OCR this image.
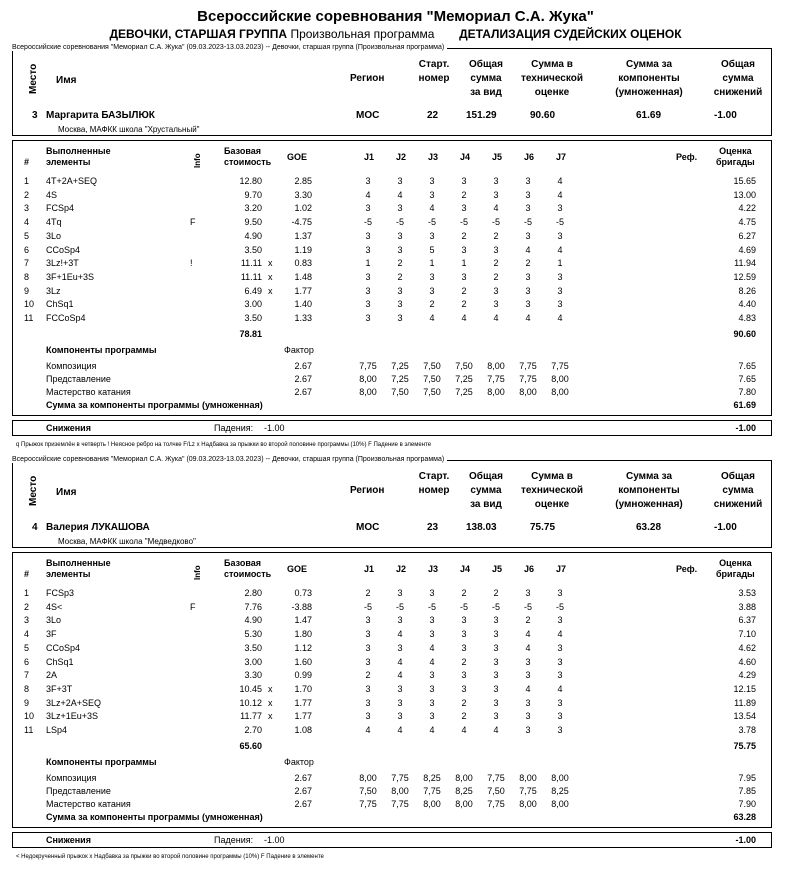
Всероссийские соревнования "Мемориал С.А. Жука"
ДЕВОЧКИ, СТАРШАЯ ГРУППА Произвольная программа ДЕТАЛИЗАЦИЯ СУДЕЙСКИХ ОЦЕНОК
Всероссийские соревнования "Мемориал С.А. Жука" (09.03.2023-13.03.2023) -- Девочки, старшая группа (Произвольная программа)
Место Имя	Регион
Старт.
номер
Общая
сумма
за вид
Сумма в
технической
оценке
Сумма за
компоненты
(умноженная)
Общая
сумма
снижений
3 Маргарита БАЗЫЛЮК
Москва, МАФКК школа "Хрустальный"
МОС	22	151.29	90.60	61.69	-1.00
#
Выполненные
элементы	Info
Базовая
стоимость GOE	J1 J2 J3 J4 J5 J6 J7	Реф.
Оценка
бригады
1 4T+2A+SEQ	12.80	2.85	3	3	3	3	3	3	4	15.65
2 4S	9.70	3.30	4	4	3	2	3	3	4	13.00
3 FCSp4	3.20	1.02	3	3	4	3	4	3	3	4.22
4 4Tq	F	9.50	-4.75	-5	-5	-5	-5	-5	-5	-5	4.75
5 3Lo	4.90	1.37	3	3	3	2	2	3	3	6.27
6 CCoSp4	3.50	1.19	3	3	5	3	3	4	4	4.69
7 3Lz!+3T	!	11.11 x	0.83	1	2	1	1	2	2	1	11.94
8 3F+1Eu+3S	11.11 x	1.48	3	2	3	3	2	3	3	12.59
9 3Lz	6.49 x	1.77	3	3	3	2	3	3	3	8.26
10 ChSq1	3.00	1.40	3	3	2	2	3	3	3	4.40
11 FCCoSp4	3.50	1.33	3	3	4	4	4	4	4	4.83
78.81	90.60
Компоненты программы	Фактор
Композиция	2.67	7,75	7,25	7,50	7,50	8,00	7,75	7,75	7.65
Представление	2.67	8,00	7,25	7,50	7,25	7,75	7,75	8,00	7.65
Мастерство катания	2.67	8,00	7,50	7,50	7,25	8,00	8,00	8,00	7.80
Сумма за компоненты программы (умноженная)	61.69
Снижения	Падения: -1.00	-1.00
q Прыжок приземлён в четверть ! Неясное ребро на толчке F/Lz x Надбавка за прыжки во второй половине программы (10%) F Падение в элементе
Всероссийские соревнования "Мемориал С.А. Жука" (09.03.2023-13.03.2023) -- Девочки, старшая группа (Произвольная программа)
Место Имя	Регион
Старт.
номер
Общая
сумма
за вид
Сумма в
технической
оценке
Сумма за
компоненты
(умноженная)
Общая
сумма
снижений
4 Валерия ЛУКАШОВА
Москва, МАФКК школа "Медведково"
МОС	23	138.03	75.75	63.28	-1.00
#
Выполненные
элементы	Info
Базовая
стоимость GOE	J1 J2 J3 J4 J5 J6 J7	Реф.
Оценка
бригады
1 FCSp3	2.80	0.73	2	3	3	2	2	3	3	3.53
2 4S<	F	7.76	-3.88	-5	-5	-5	-5	-5	-5	-5	3.88
3 3Lo	4.90	1.47	3	3	3	3	3	2	3	6.37
4 3F	5.30	1.80	3	4	3	3	3	4	4	7.10
5 CCoSp4	3.50	1.12	3	3	4	3	3	4	3	4.62
6 ChSq1	3.00	1.60	3	4	4	2	3	3	3	4.60
7 2A	3.30	0.99	2	4	3	3	3	3	3	4.29
8 3F+3T	10.45 x	1.70	3	3	3	3	3	4	4	12.15
9 3Lz+2A+SEQ	10.12 x	1.77	3	3	3	2	3	3	3	11.89
10 3Lz+1Eu+3S	11.77 x	1.77	3	3	3	2	3	3	3	13.54
11 LSp4	2.70	1.08	4	4	4	4	4	3	3	3.78
65.60	75.75
Компоненты программы	Фактор
Композиция	2.67	8,00	7,75	8,25	8,00	7,75	8,00	8,00	7.95
Представление	2.67	7,50	8,00	7,75	8,25	7,50	7,75	8,25	7.85
Мастерство катания	2.67	7,75	7,75	8,00	8,00	7,75	8,00	8,00	7.90
Сумма за компоненты программы (умноженная)	63.28
Снижения	Падения: -1.00	-1.00
< Недокрученный прыжок x Надбавка за прыжки во второй половине программы (10%) F Падение в элементе
